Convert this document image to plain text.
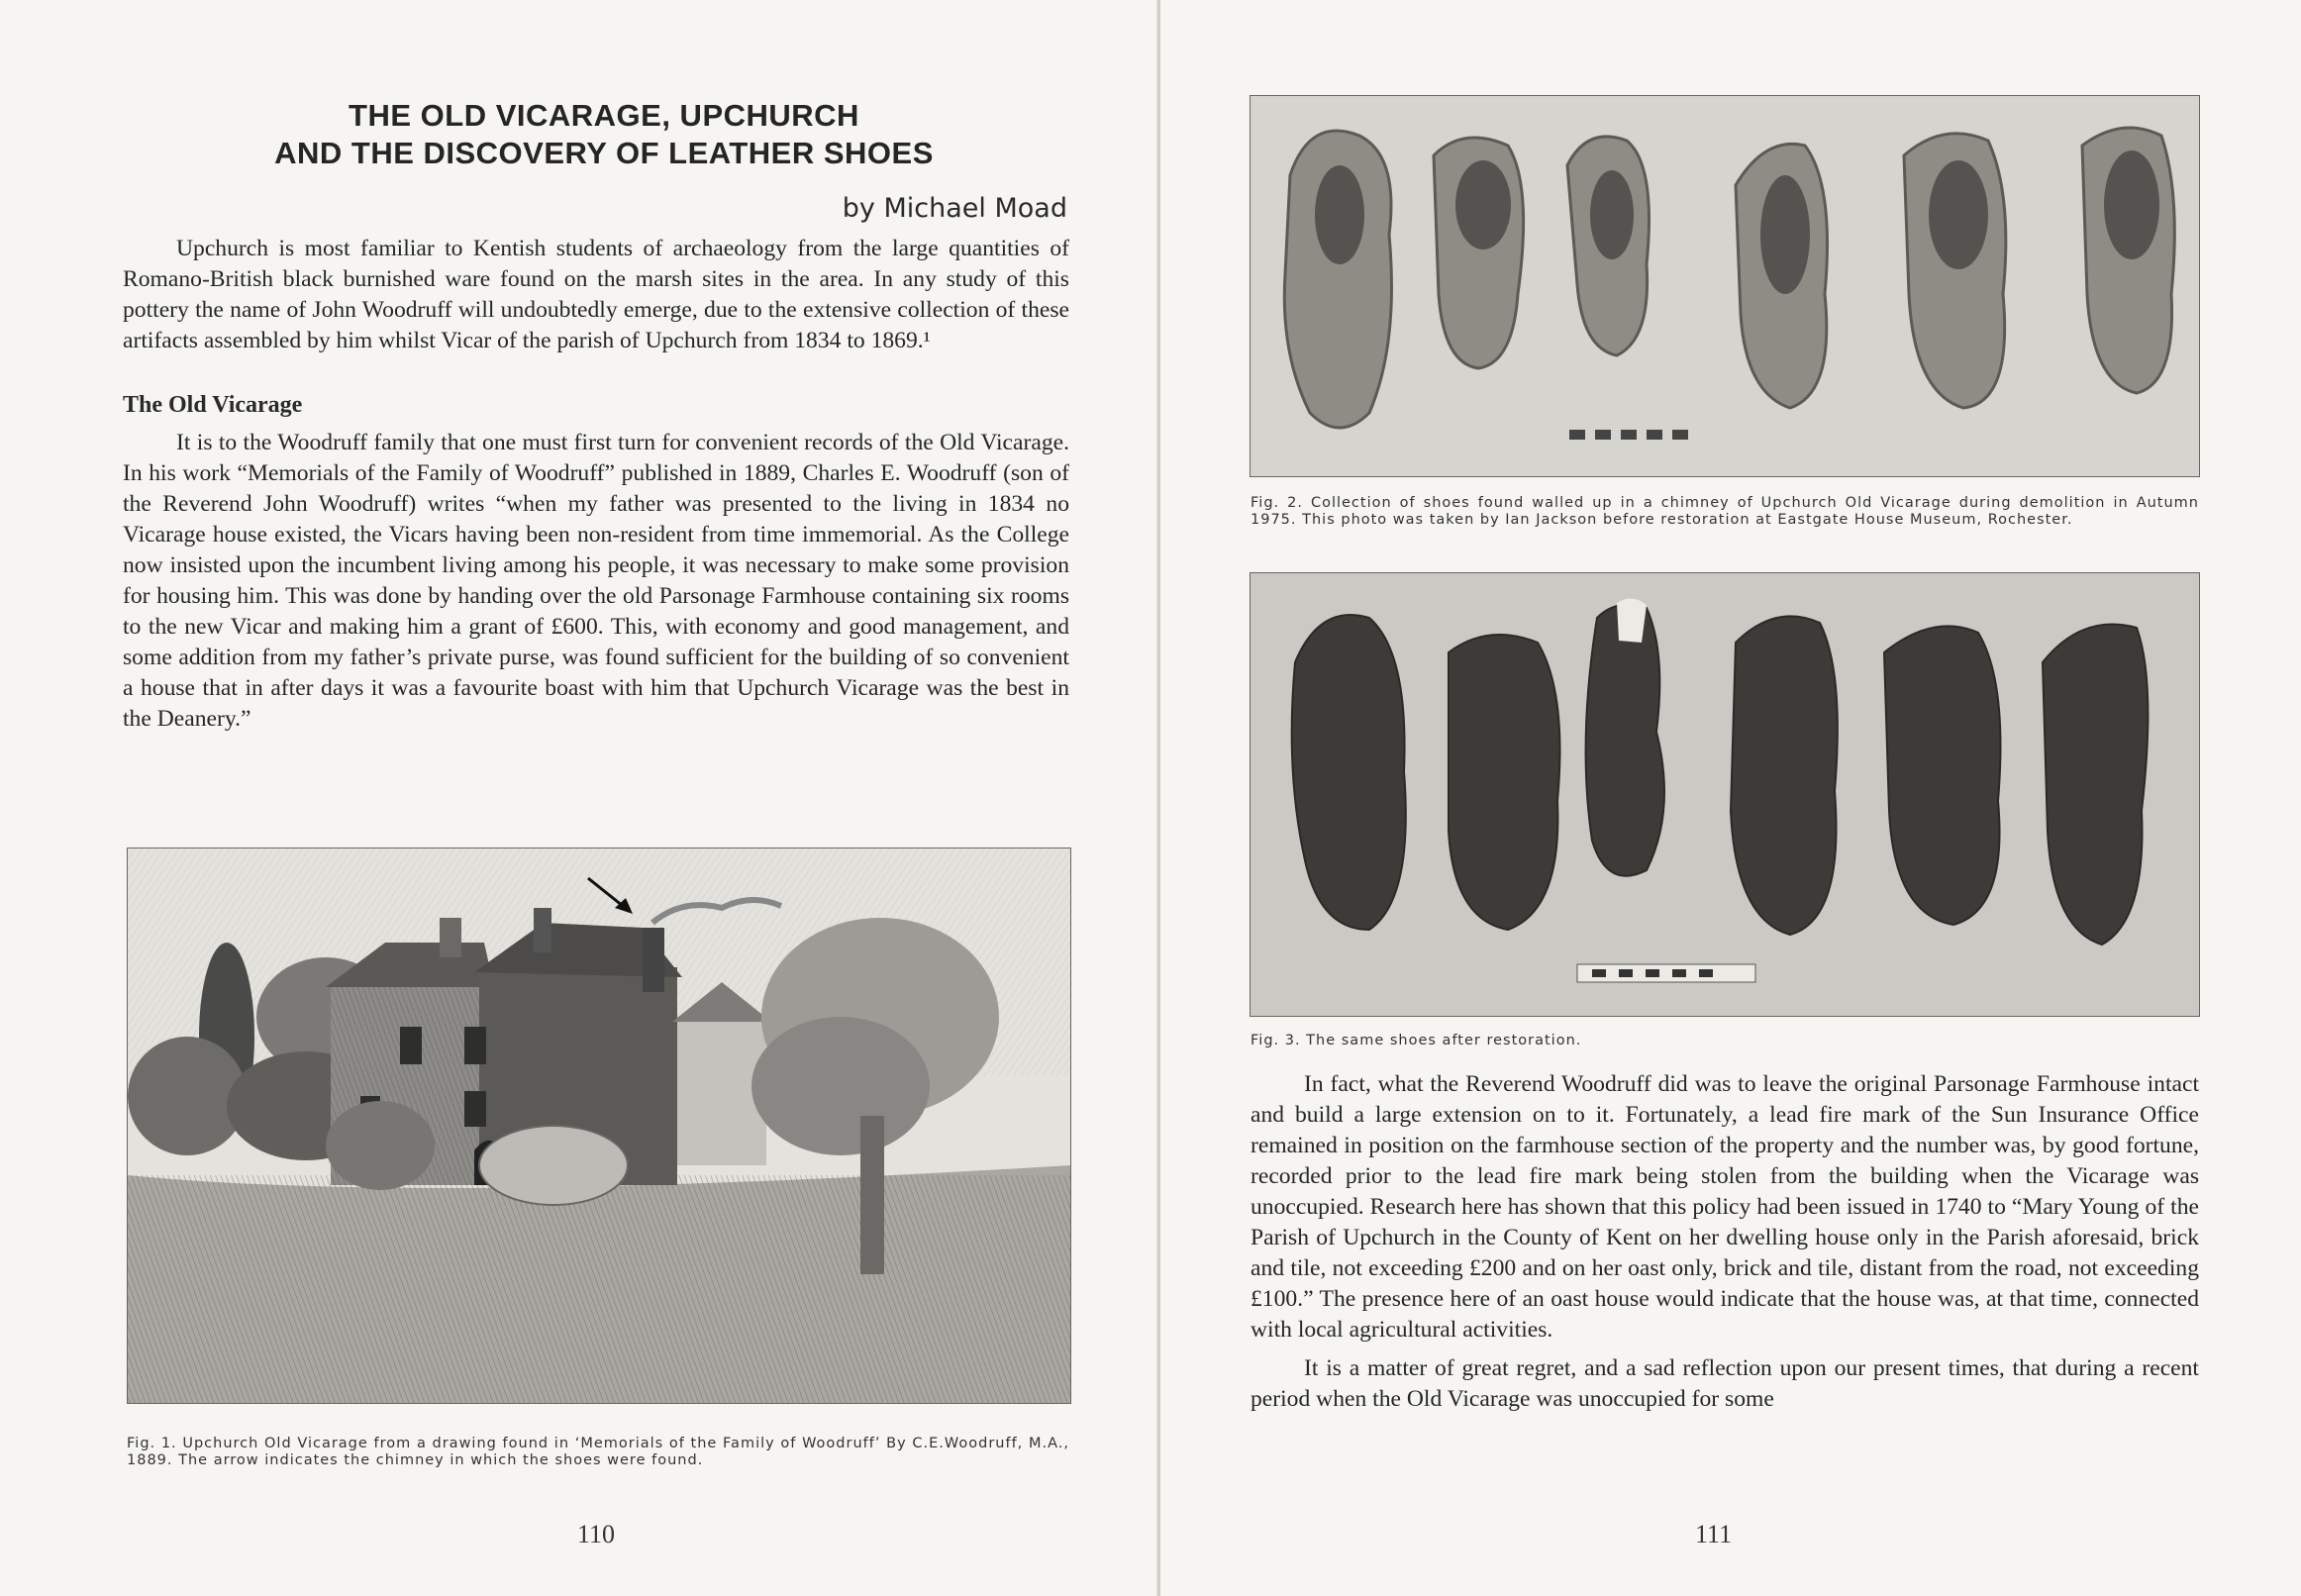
THE OLD VICARAGE, UPCHURCH
AND THE DISCOVERY OF LEATHER SHOES

by Michael Moad

Upchurch is most familiar to Kentish students of archaeology from the large quantities of Romano-British black burnished ware found on the marsh sites in the area. In any study of this pottery the name of John Woodruff will undoubtedly emerge, due to the extensive collection of these artifacts assembled by him whilst Vicar of the parish of Upchurch from 1834 to 1869.¹

The Old Vicarage

It is to the Woodruff family that one must first turn for convenient records of the Old Vicarage. In his work “Memorials of the Family of Woodruff” published in 1889, Charles E. Woodruff (son of the Reverend John Woodruff) writes “when my father was presented to the living in 1834 no Vicarage house existed, the Vicars having been non-resident from time immemorial. As the College now insisted upon the incumbent living among his people, it was necessary to make some provision for housing him. This was done by handing over the old Parsonage Farmhouse containing six rooms to the new Vicar and making him a grant of £600. This, with economy and good management, and some addition from my father’s private purse, was found sufficient for the building of so convenient a house that in after days it was a favourite boast with him that Upchurch Vicarage was the best in the Deanery.”

Fig. 1. Upchurch Old Vicarage from a drawing found in ‘Memorials of the Family of Woodruff’ By C.E.Woodruff, M.A., 1889. The arrow indicates the chimney in which the shoes were found.

110

Fig. 2. Collection of shoes found walled up in a chimney of Upchurch Old Vicarage during demolition in Autumn 1975. This photo was taken by Ian Jackson before restoration at Eastgate House Museum, Rochester.

Fig. 3. The same shoes after restoration.

In fact, what the Reverend Woodruff did was to leave the original Parsonage Farmhouse intact and build a large extension on to it. Fortunately, a lead fire mark of the Sun Insurance Office remained in position on the farmhouse section of the property and the number was, by good fortune, recorded prior to the lead fire mark being stolen from the building when the Vicarage was unoccupied. Research here has shown that this policy had been issued in 1740 to “Mary Young of the Parish of Upchurch in the County of Kent on her dwelling house only in the Parish aforesaid, brick and tile, not exceeding £200 and on her oast only, brick and tile, distant from the road, not exceeding £100.” The presence here of an oast house would indicate that the house was, at that time, connected with local agricultural activities.

It is a matter of great regret, and a sad reflection upon our present times, that during a recent period when the Old Vicarage was unoccupied for some

111
